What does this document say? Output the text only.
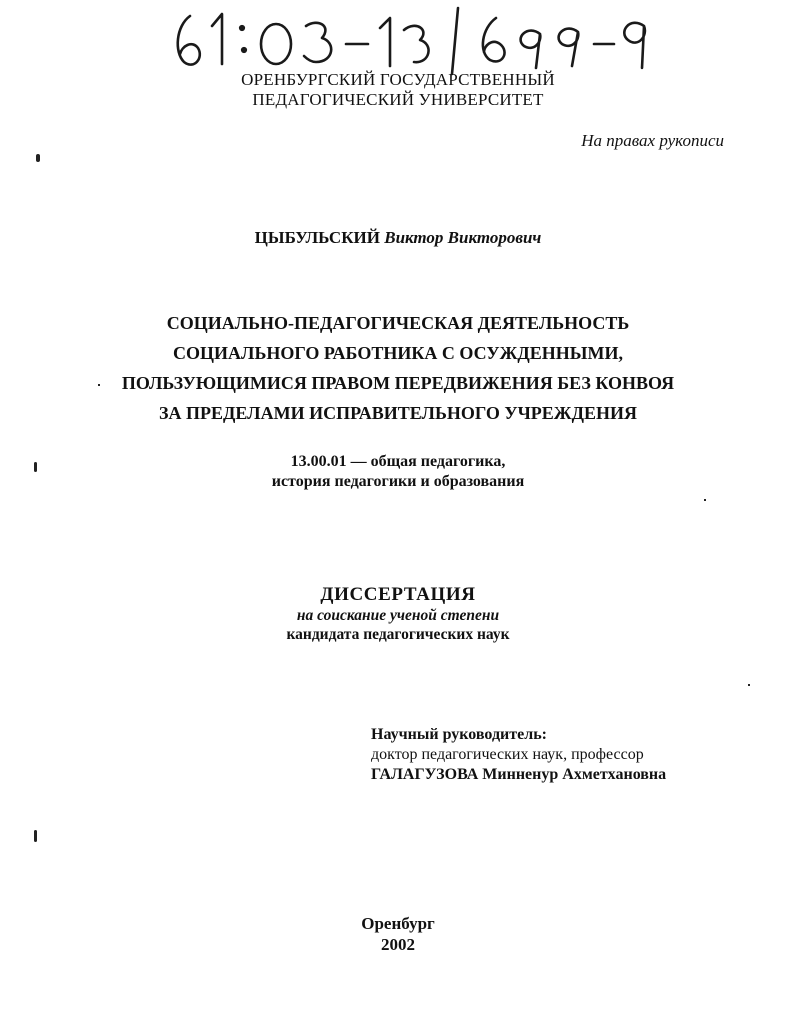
ОРЕНБУРГСКИЙ ГОСУДАРСТВЕННЫЙ
ПЕДАГОГИЧЕСКИЙ УНИВЕРСИТЕТ
На правах рукописи
ЦЫБУЛЬСКИЙ Виктор Викторович
СОЦИАЛЬНО-ПЕДАГОГИЧЕСКАЯ ДЕЯТЕЛЬНОСТЬ
СОЦИАЛЬНОГО РАБОТНИКА С ОСУЖДЕННЫМИ,
ПОЛЬЗУЮЩИМИСЯ ПРАВОМ ПЕРЕДВИЖЕНИЯ БЕЗ КОНВОЯ
ЗА ПРЕДЕЛАМИ ИСПРАВИТЕЛЬНОГО УЧРЕЖДЕНИЯ
13.00.01 — общая педагогика,
история педагогики и образования
ДИССЕРТАЦИЯ
на соискание ученой степени
кандидата педагогических наук
Научный руководитель:
доктор педагогических наук, профессор
ГАЛАГУЗОВА Минненур Ахметхановна
Оренбург
2002
